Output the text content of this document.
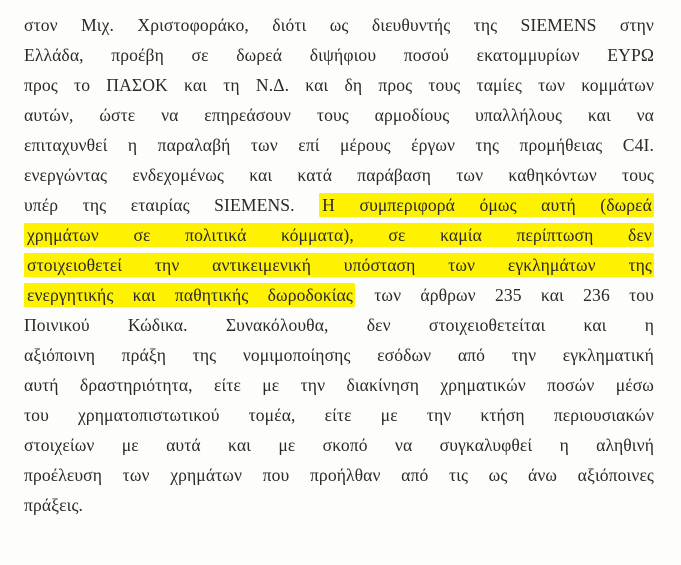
στον Μιχ. Χριστοφοράκο, διότι ως διευθυντής της SIEMENS στην
Ελλάδα, προέβη σε δωρεά διψήφιου ποσού εκατομμυρίων ΕΥΡΩ
προς το ΠΑΣΟΚ και τη Ν.Δ. και δη προς τους ταμίες των κομμάτων
αυτών, ώστε να επηρεάσουν τους αρμοδίους υπαλλήλους και να
επιταχυνθεί η παραλαβή των επί μέρους έργων της προμήθειας C4I.
ενεργώντας ενδεχομένως και κατά παράβαση των καθηκόντων τους
υπέρ της εταιρίας SIEMENS. Η συμπεριφορά όμως αυτή (δωρεά
χρημάτων σε πολιτικά κόμματα), σε καμία περίπτωση δεν
στοιχειοθετεί την αντικειμενική υπόσταση των εγκλημάτων της
ενεργητικής και παθητικής δωροδοκίας των άρθρων 235 και 236 του
Ποινικού Κώδικα. Συνακόλουθα, δεν στοιχειοθετείται και η
αξιόποινη πράξη της νομιμοποίησης εσόδων από την εγκληματική
αυτή δραστηριότητα, είτε με την διακίνηση χρηματικών ποσών μέσω
του χρηματοπιστωτικού τομέα, είτε με την κτήση περιουσιακών
στοιχείων με αυτά και με σκοπό να συγκαλυφθεί η αληθινή
προέλευση των χρημάτων που προήλθαν από τις ως άνω αξιόποινες
πράξεις.
